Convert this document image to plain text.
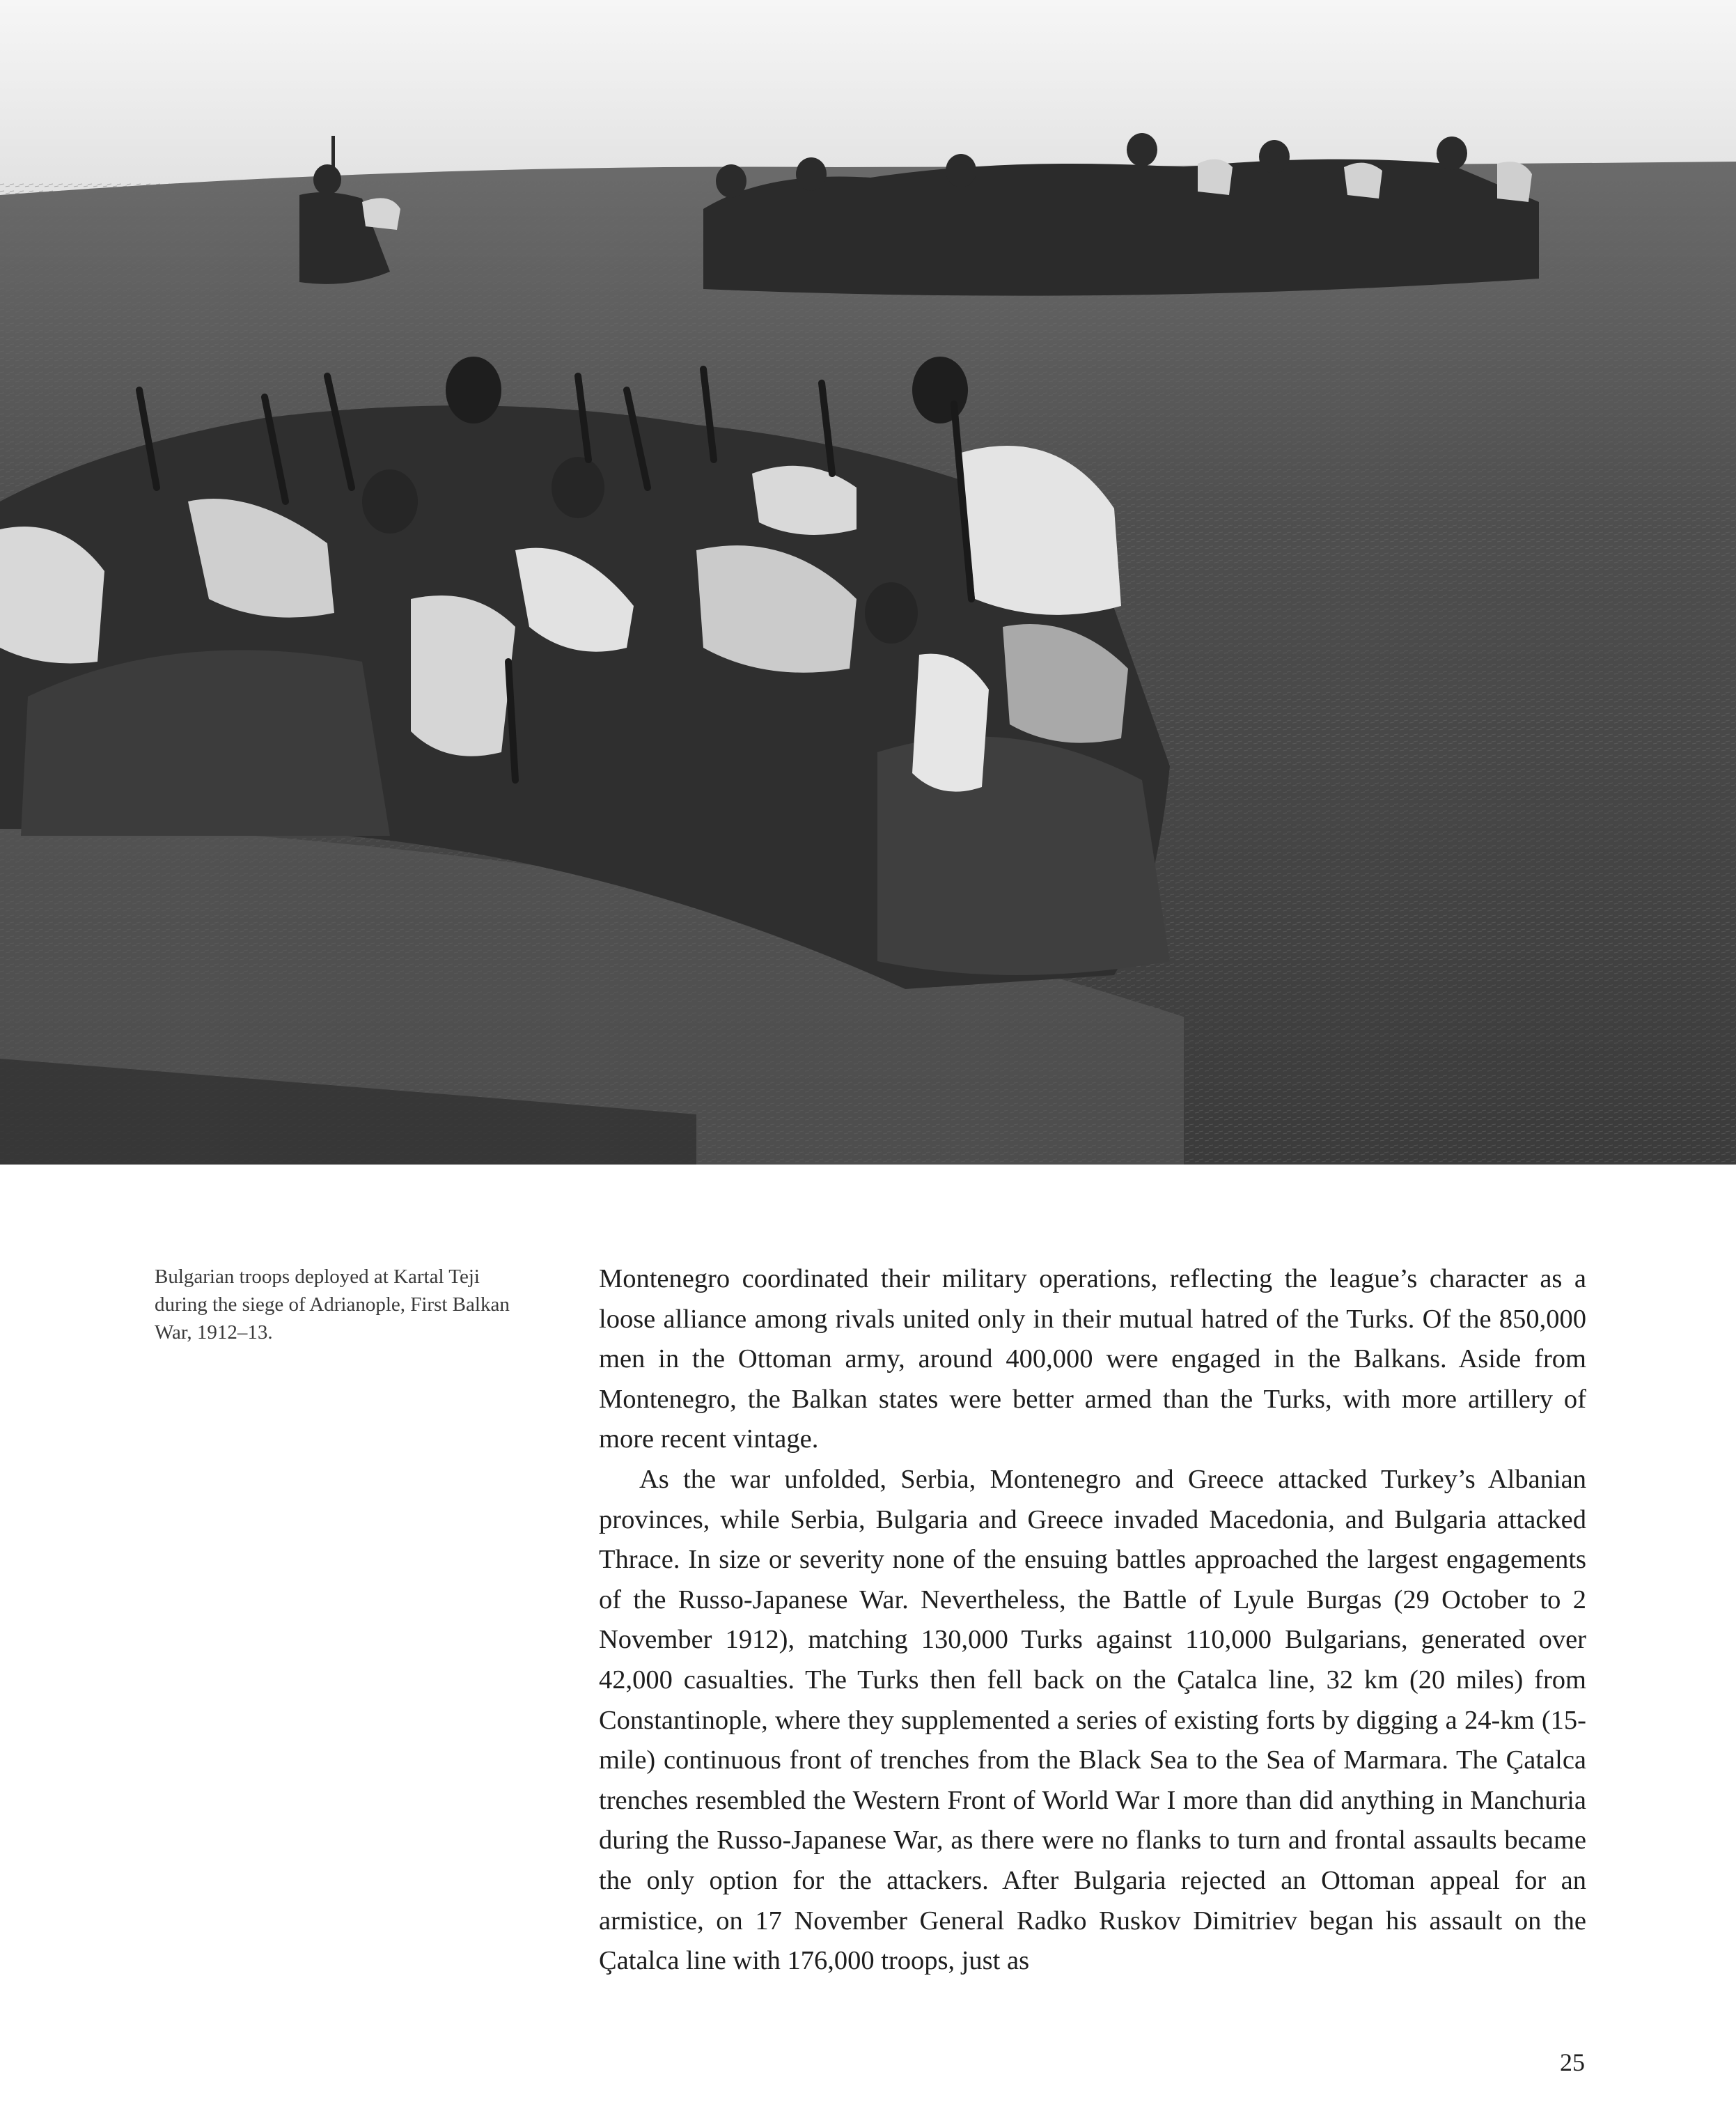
Bulgarian troops deployed at Kartal Teji during the siege of Adrianople, First Balkan War, 1912–13.

Montenegro coordinated their military operations, reflecting the league’s character as a loose alliance among rivals united only in their mutual hatred of the Turks. Of the 850,000 men in the Ottoman army, around 400,000 were engaged in the Balkans. Aside from Montenegro, the Balkan states were better armed than the Turks, with more artillery of more recent vintage.

As the war unfolded, Serbia, Montenegro and Greece attacked Turkey’s Albanian provinces, while Serbia, Bulgaria and Greece invaded Macedonia, and Bulgaria attacked Thrace. In size or severity none of the ensuing battles approached the largest engagements of the Russo-Japanese War. Nevertheless, the Battle of Lyule Burgas (29 October to 2 November 1912), matching 130,000 Turks against 110,000 Bulgarians, generated over 42,000 casualties. The Turks then fell back on the Çatalca line, 32 km (20 miles) from Constantinople, where they supplemented a series of existing forts by digging a 24-km (15-mile) continuous front of trenches from the Black Sea to the Sea of Marmara. The Çatalca trenches resembled the Western Front of World War I more than did anything in Manchuria during the Russo-Japanese War, as there were no flanks to turn and frontal assaults became the only option for the attackers. After Bulgaria rejected an Ottoman appeal for an armistice, on 17 November General Radko Ruskov Dimitriev began his assault on the Çatalca line with 176,000 troops, just as

25
